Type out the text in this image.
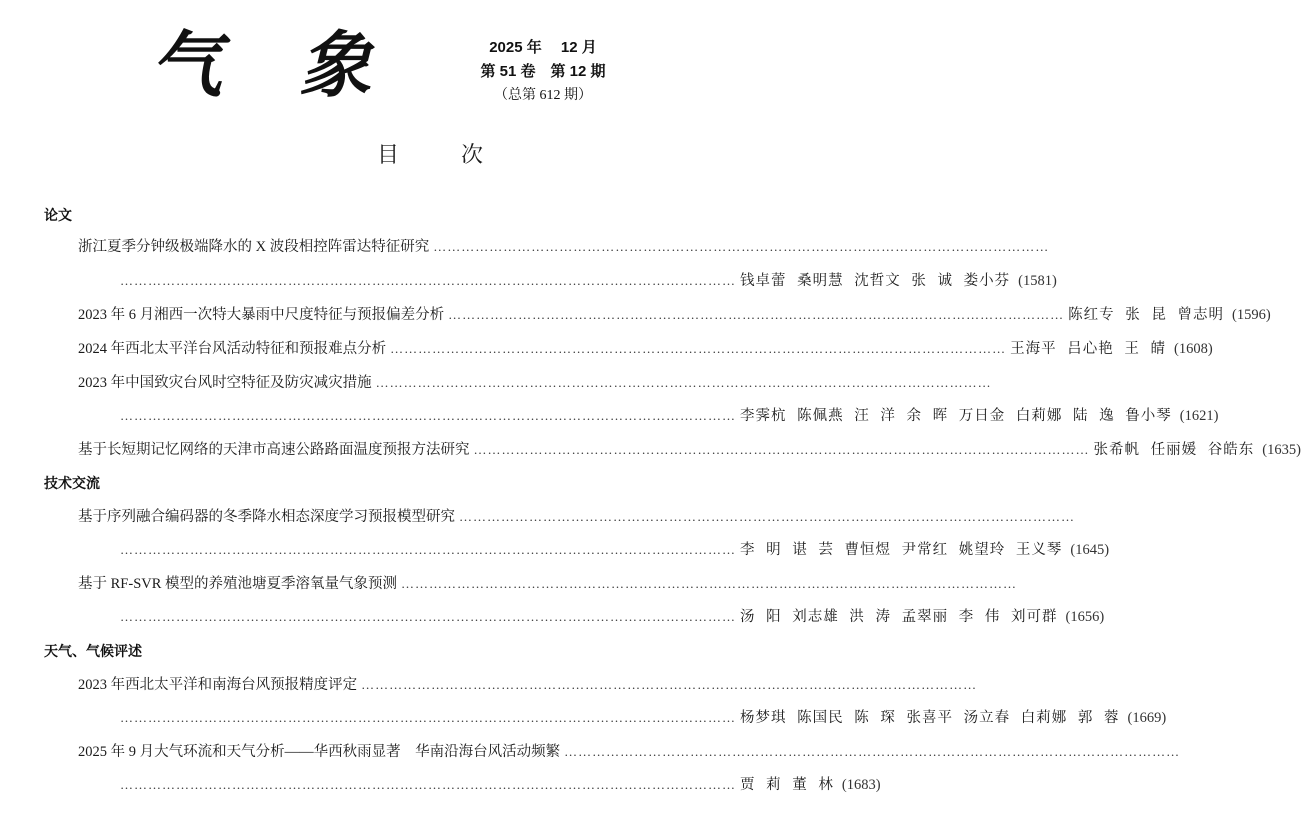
气 象	2025 年 　12 月
第 51 卷　第 12 期
（总第 612 期）
目　次
论文
浙江夏季分钟级极端降水的 X 波段相控阵雷达特征研究 ……………………………………………………………………………………………………………………
…………………………………………………………………………………………………………………… 钱卓蕾 桑明慧 沈哲文 张 诚 娄小芬 (1581)
2023 年 6 月湘西一次特大暴雨中尺度特征与预报偏差分析 …………………………………………………………………………………………………………………… 陈红专 张 昆 曾志明 (1596)
2024 年西北太平洋台风活动特征和预报难点分析 …………………………………………………………………………………………………………………… 王海平 吕心艳 王 皘 (1608)
2023 年中国致灾台风时空特征及防灾减灾措施 ……………………………………………………………………………………………………………………
…………………………………………………………………………………………………………………… 李霁杭 陈佩燕 汪 洋 余 晖 万日金 白莉娜 陆 逸 鲁小琴 (1621)
基于长短期记忆网络的天津市高速公路路面温度预报方法研究 …………………………………………………………………………………………………………………… 张希帆 任丽媛 谷皓东 (1635)
技术交流
基于序列融合编码器的冬季降水相态深度学习预报模型研究 ……………………………………………………………………………………………………………………
…………………………………………………………………………………………………………………… 李 明 谌 芸 曹恒煜 尹常红 姚望玲 王义琴 (1645)
基于 RF-SVR 模型的养殖池塘夏季溶氧量气象预测 ……………………………………………………………………………………………………………………
…………………………………………………………………………………………………………………… 汤 阳 刘志雄 洪 涛 孟翠丽 李 伟 刘可群 (1656)
天气、气候评述
2023 年西北太平洋和南海台风预报精度评定 ……………………………………………………………………………………………………………………
…………………………………………………………………………………………………………………… 杨梦琪 陈国民 陈 琛 张喜平 汤立春 白莉娜 郭 蓉 (1669)
2025 年 9 月大气环流和天气分析——华西秋雨显著　华南沿海台风活动频繁 ……………………………………………………………………………………………………………………
…………………………………………………………………………………………………………………… 贾 莉 董 林 (1683)
